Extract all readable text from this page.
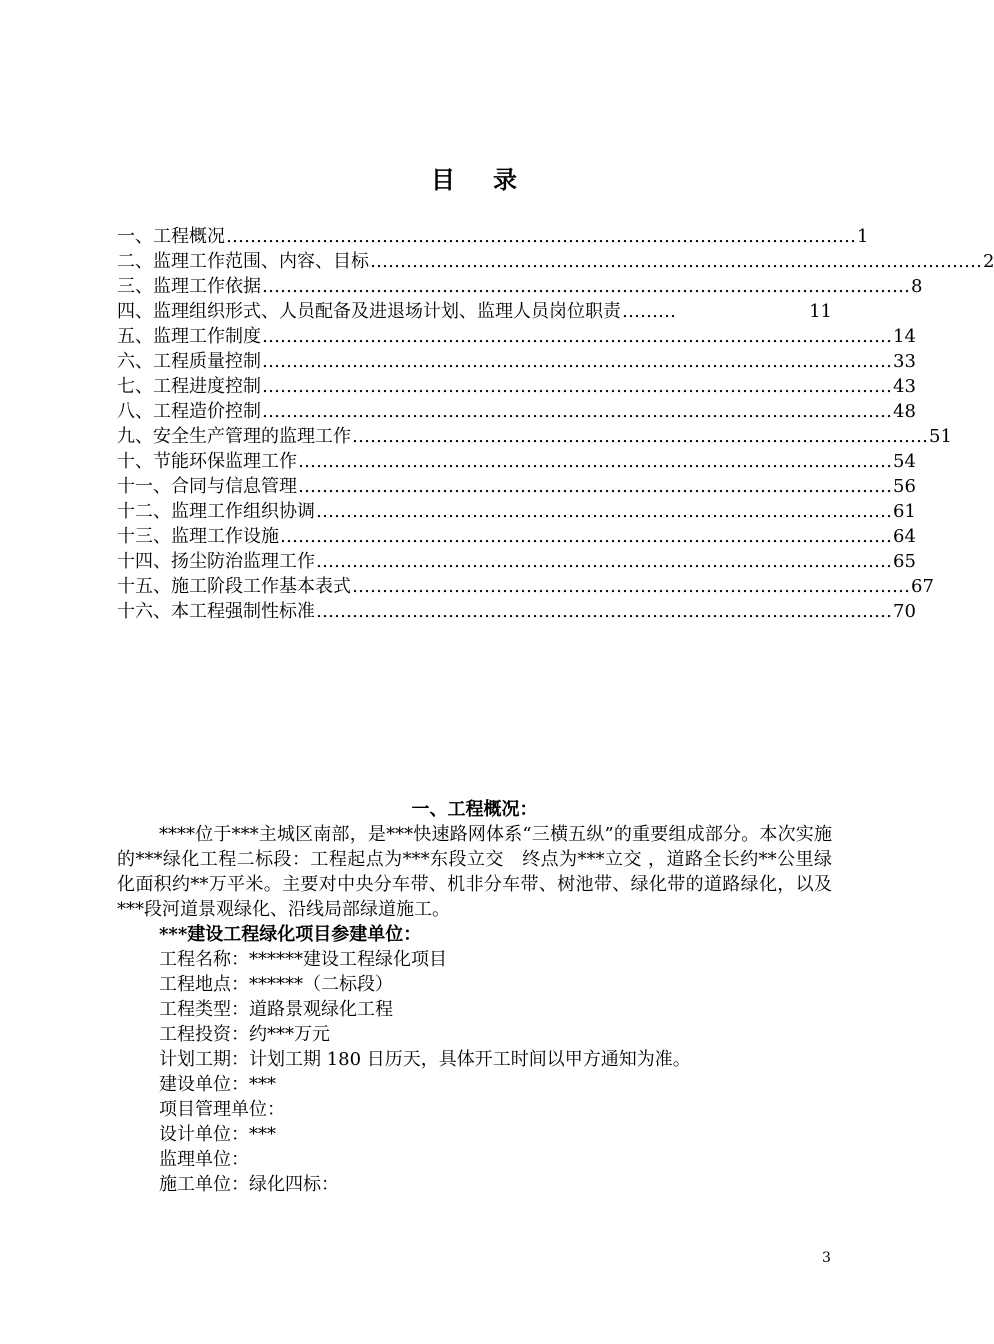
目 录
一、工程概况 …………………………………………………………………………………………… 1
二、监理工作范围、内容、目标 ………………………………………………………………………………………… 2
三、监理工作依据 ……………………………………………………………………………………………… 8
四、监理组织形式、人员配备及进退场计划、监理人员岗位职责 ………	11
五、监理工作制度 …………………………………………………………………………………………… 14
六、工程质量控制 …………………………………………………………………………………………… 33
七、工程进度控制 …………………………………………………………………………………………… 43
八、工程造价控制 …………………………………………………………………………………………… 48
九、安全生产管理的监理工作 …………………………………………………………………………………… 51
十、节能环保监理工作 ……………………………………………………………………………………… 54
十一、合同与信息管理 ……………………………………………………………………………………… 56
十二、监理工作组织协调 …………………………………………………………………………………… 61
十三、监理工作设施 ………………………………………………………………………………………… 64
十四、扬尘防治监理工作 …………………………………………………………………………………… 65
十五、施工阶段工作基本表式 ………………………………………………………………………………… 67
十六、本工程强制性标准 …………………………………………………………………………………… 70
一、工程概况：
****位于***主城区南部，是***快速路网体系“三横五纵”的重要组成部分。本次实施的***绿化工程二标段：工程起点为***东段立交　终点为***立交 ，道路全长约**公里绿化面积约**万平米。主要对中央分车带、机非分车带、树池带、绿化带的道路绿化，以及***段河道景观绿化、沿线局部绿道施工。
***建设工程绿化项目参建单位：
工程名称：******建设工程绿化项目
工程地点：******（二标段）
工程类型：道路景观绿化工程
工程投资：约***万元
计划工期：计划工期 180 日历天，具体开工时间以甲方通知为准。
建设单位：***
项目管理单位：
设计单位：***
监理单位：
施工单位：绿化四标：
3
